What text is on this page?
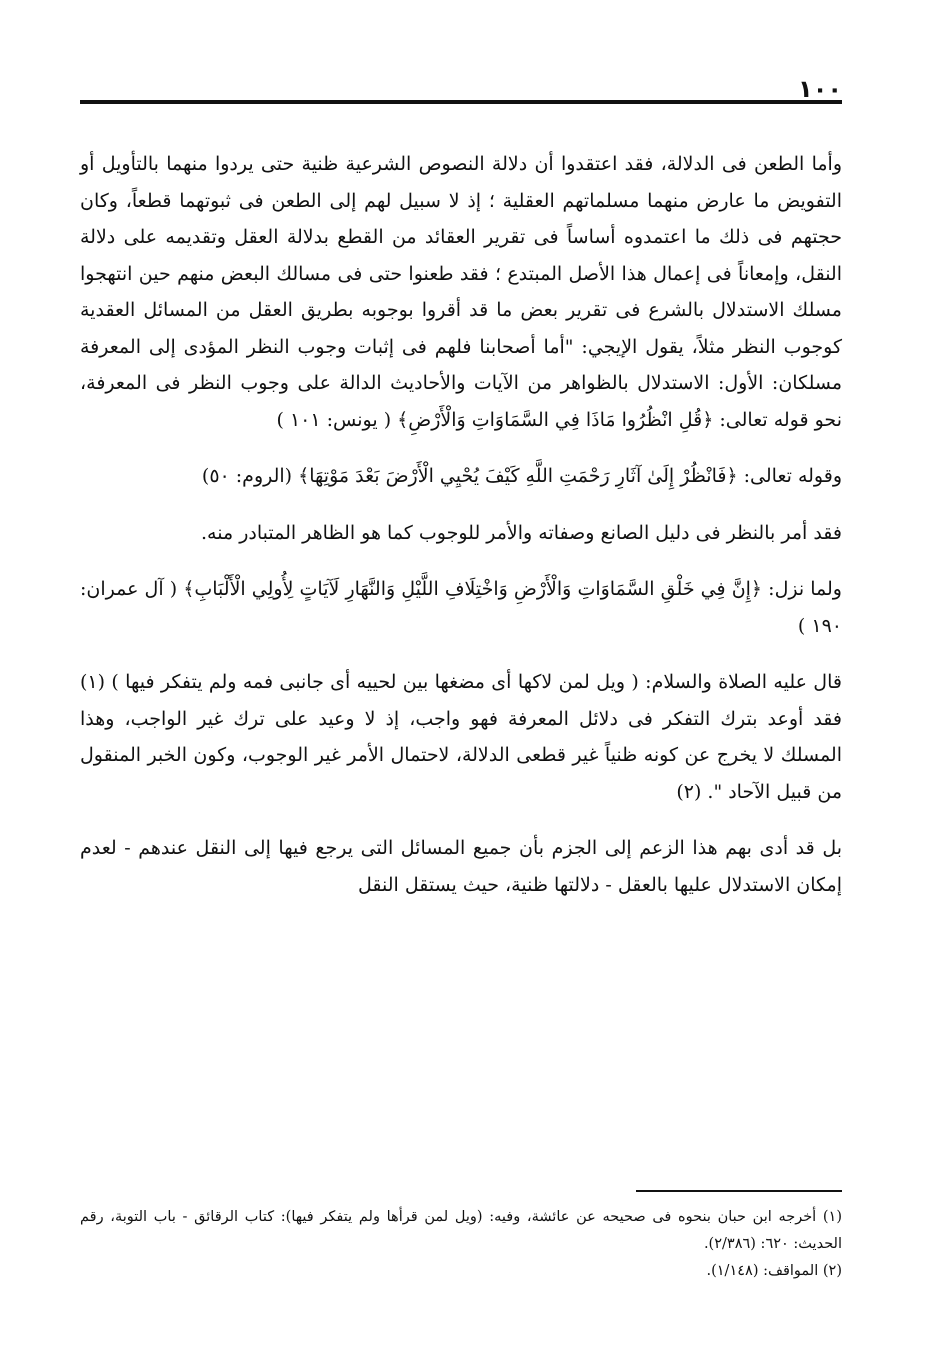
١٠٠

وأما الطعن فى الدلالة، فقد اعتقدوا أن دلالة النصوص الشرعية ظنية حتى يردوا منهما بالتأويل أو التفويض ما عارض منهما مسلماتهم العقلية ؛ إذ لا سبيل لهم إلى الطعن فى ثبوتهما قطعاً، وكان حجتهم فى ذلك ما اعتمدوه أساساً فى تقرير العقائد من القطع بدلالة العقل وتقديمه على دلالة النقل، وإمعاناً فى إعمال هذا الأصل المبتدع ؛ فقد طعنوا حتى فى مسالك البعض منهم حين انتهجوا مسلك الاستدلال بالشرع فى تقرير بعض ما قد أقروا بوجوبه بطريق العقل من المسائل العقدية كوجوب النظر مثلاً، يقول الإيجي: "أما أصحابنا فلهم فى إثبات وجوب النظر المؤدى إلى المعرفة مسلكان: الأول: الاستدلال بالظواهر من الآيات والأحاديث الدالة على وجوب النظر فى المعرفة، نحو قوله تعالى: ﴿قُلِ انْظُرُوا مَاذَا فِي السَّمَاوَاتِ وَالْأَرْضِ﴾ ( يونس: ١٠١ )

وقوله تعالى: ﴿فَانْظُرْ إِلَىٰ آثَارِ رَحْمَتِ اللَّهِ كَيْفَ يُحْيِي الْأَرْضَ بَعْدَ مَوْتِهَا﴾ (الروم: ٥٠)

فقد أمر بالنظر فى دليل الصانع وصفاته والأمر للوجوب كما هو الظاهر المتبادر منه.

ولما نزل: ﴿إِنَّ فِي خَلْقِ السَّمَاوَاتِ وَالْأَرْضِ وَاخْتِلَافِ اللَّيْلِ وَالنَّهَارِ لَآيَاتٍ لِأُولِي الْأَلْبَابِ﴾ ( آل عمران: ١٩٠ )

قال عليه الصلاة والسلام: ( ويل لمن لاكها أى مضغها بين لحييه أى جانبى فمه ولم يتفكر فيها ) (١) فقد أوعد بترك التفكر فى دلائل المعرفة فهو واجب، إذ لا وعيد على ترك غير الواجب، وهذا المسلك لا يخرج عن كونه ظنياً غير قطعى الدلالة، لاحتمال الأمر غير الوجوب، وكون الخبر المنقول من قبيل الآحاد ". (٢)

بل قد أدى بهم هذا الزعم إلى الجزم بأن جميع المسائل التى يرجع فيها إلى النقل عندهم - لعدم إمكان الاستدلال عليها بالعقل - دلالتها ظنية، حيث يستقل النقل

(١) أخرجه ابن حبان بنحوه فى صحيحه عن عائشة، وفيه: (ويل لمن قرأها ولم يتفكر فيها): كتاب الرقائق - باب التوبة، رقم الحديث: ٦٢٠: (٢/٣٨٦).

(٢) المواقف: (١/١٤٨).
